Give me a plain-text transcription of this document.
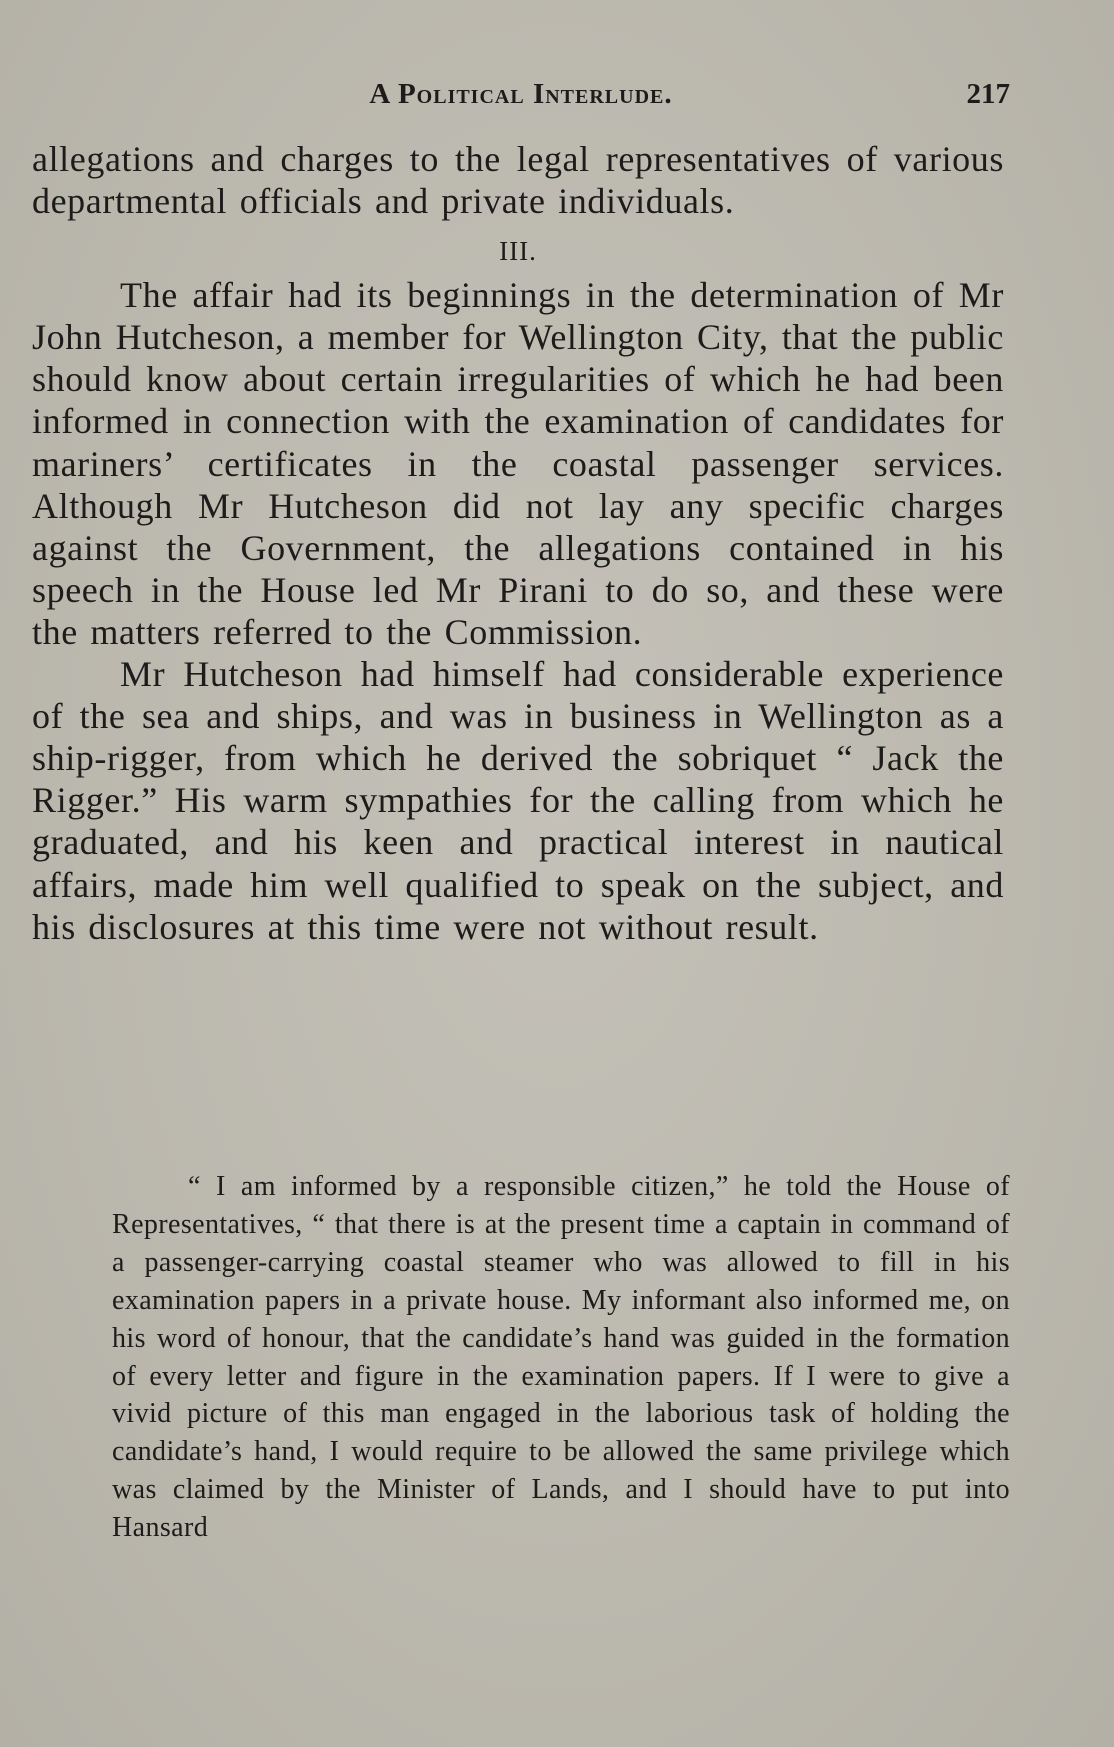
A Political Interlude.	217

allegations and charges to the legal representatives of various departmental officials and private individuals.

III.

The affair had its beginnings in the determination of Mr John Hutcheson, a member for Wellington City, that the public should know about certain irregularities of which he had been informed in connection with the examination of candidates for mariners’ certificates in the coastal passenger services. Although Mr Hutcheson did not lay any specific charges against the Government, the allegations contained in his speech in the House led Mr Pirani to do so, and these were the matters referred to the Commission.

Mr Hutcheson had himself had considerable experience of the sea and ships, and was in business in Wellington as a ship-rigger, from which he derived the sobriquet “ Jack the Rigger.” His warm sympathies for the calling from which he graduated, and his keen and practical interest in nautical affairs, made him well qualified to speak on the subject, and his disclosures at this time were not without result.

“ I am informed by a responsible citizen,” he told the House of Representatives, “ that there is at the present time a captain in command of a passenger-carrying coastal steamer who was allowed to fill in his examination papers in a private house. My informant also informed me, on his word of honour, that the candidate’s hand was guided in the formation of every letter and figure in the examination papers. If I were to give a vivid picture of this man engaged in the laborious task of holding the candidate’s hand, I would require to be allowed the same privilege which was claimed by the Minister of Lands, and I should have to put into Hansard
